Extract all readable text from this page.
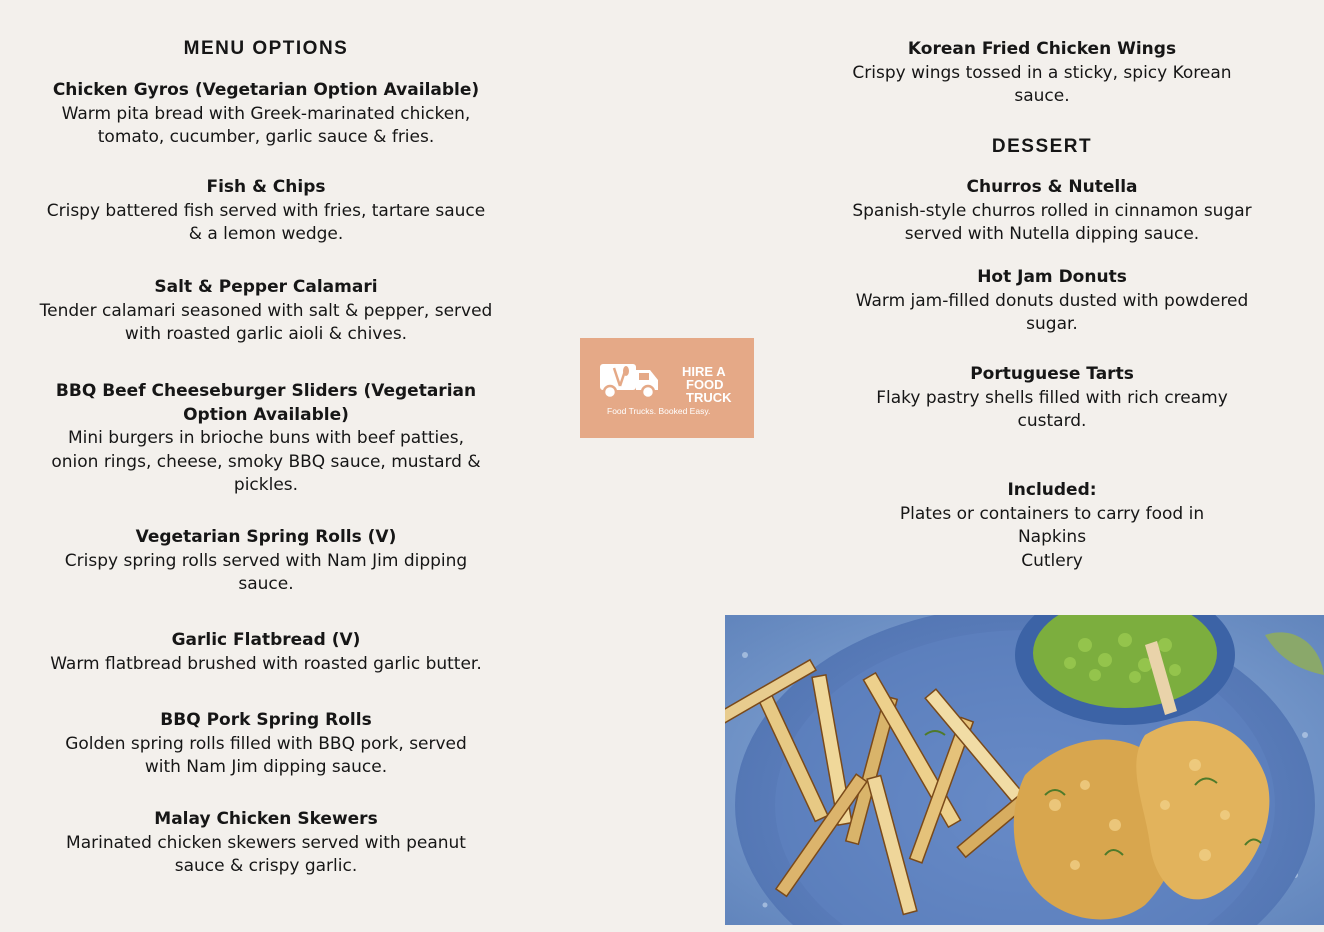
MENU OPTIONS
Chicken Gyros (Vegetarian Option Available)
Warm pita bread with Greek-marinated chicken, tomato, cucumber, garlic sauce & fries.
Fish & Chips
Crispy battered fish served with fries, tartare sauce & a lemon wedge.
Salt & Pepper Calamari
Tender calamari seasoned with salt & pepper, served with roasted garlic aioli & chives.
BBQ Beef Cheeseburger Sliders (Vegetarian Option Available)
Mini burgers in brioche buns with beef patties, onion rings, cheese, smoky BBQ sauce, mustard & pickles.
Vegetarian Spring Rolls (V)
Crispy spring rolls served with Nam Jim dipping sauce.
Garlic Flatbread (V)
Warm flatbread brushed with roasted garlic butter.
BBQ Pork Spring Rolls
Golden spring rolls filled with BBQ pork, served with Nam Jim dipping sauce.
Malay Chicken Skewers
Marinated chicken skewers served with peanut sauce & crispy garlic.
HIRE A
FOOD
TRUCK
Food Trucks. Booked Easy.
Korean Fried Chicken Wings
Crispy wings tossed in a sticky, spicy Korean sauce.
DESSERT
Churros & Nutella
Spanish-style churros rolled in cinnamon sugar served with Nutella dipping sauce.
Hot Jam Donuts
Warm jam-filled donuts dusted with powdered sugar.
Portuguese Tarts
Flaky pastry shells filled with rich creamy custard.
Included:
Plates or containers to carry food in
Napkins
Cutlery
